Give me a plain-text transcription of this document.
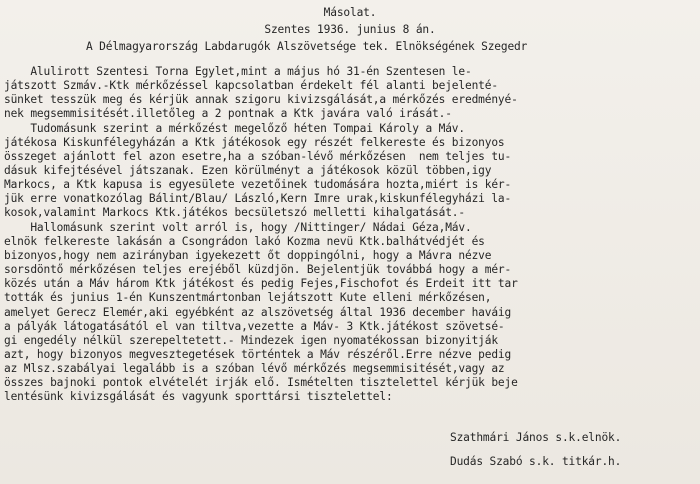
Másolat.
Szentes 1936. junius 8 án.
A Délmagyarország Labdarugók Alszövetsége tek. Elnökségének Szegedr
Alulirott Szentesi Torna Egylet,mint a május hó 31-én Szentesen le-
játszott Szmáv.-Ktk mérkőzéssel kapcsolatban érdekelt fél alanti bejelenté-
sünket tesszük meg és kérjük annak szigoru kivizsgálását,a mérkőzés eredményé-
nek megsemmisitését.illetőleg a 2 pontnak a Ktk javára való irását.-
Tudomásunk szerint a mérkőzést megelőző héten Tompai Károly a Máv.
játékosa Kiskunfélegyházán a Ktk játékosok egy részét felkereste és bizonyos
összeget ajánlott fel azon esetre,ha a szóban-lévő mérkőzésen  nem teljes tu-
dásuk kifejtésével játszanak. Ezen körülményt a játékosok közül többen,igy
Markocs, a Ktk kapusa is egyesülete vezetőinek tudomására hozta,miért is kér-
jük erre vonatkozólag Bálint/Blau/ László,Kern Imre urak,kiskunfélegyházi la-
kosok,valamint Markocs Ktk.játékos becsületszó melletti kihalgatását.-
Hallomásunk szerint volt arról is, hogy /Nittinger/ Nádai Géza,Máv.
elnök felkereste lakásán a Csongrádon lakó Kozma nevü Ktk.balhátvédjét és
bizonyos,hogy nem azirányban igyekezett őt doppingólni, hogy a Mávra nézve
sorsdöntő mérkőzésen teljes erejéből küzdjön. Bejelentjük továbbá hogy a mér-
közés után a Máv három Ktk játékost és pedig Fejes,Fischofot és Erdeit itt tar
tották és junius 1-én Kunszentmártonban lejátszott Kute elleni mérkőzésen,
amelyet Gerecz Elemér,aki egyébként az alszövetség által 1936 december haváig
a pályák látogatásától el van tiltva,vezette a Máv- 3 Ktk.játékost szövetsé-
gi engedély nélkül szerepeltetett.- Mindezek igen nyomatékossan bizonyitják
azt, hogy bizonyos megvesztegetések történtek a Máv részéről.Erre nézve pedig
az Mlsz.szabályai legalább is a szóban lévő mérkőzés megsemmisitését,vagy az
összes bajnoki pontok elvételét irják elő. Ismételten tisztelettel kérjük beje
lentésünk kivizsgálását és vagyunk sporttársi tisztelettel:
Szathmári János s.k.elnök.
Dudás Szabó s.k. titkár.h.
